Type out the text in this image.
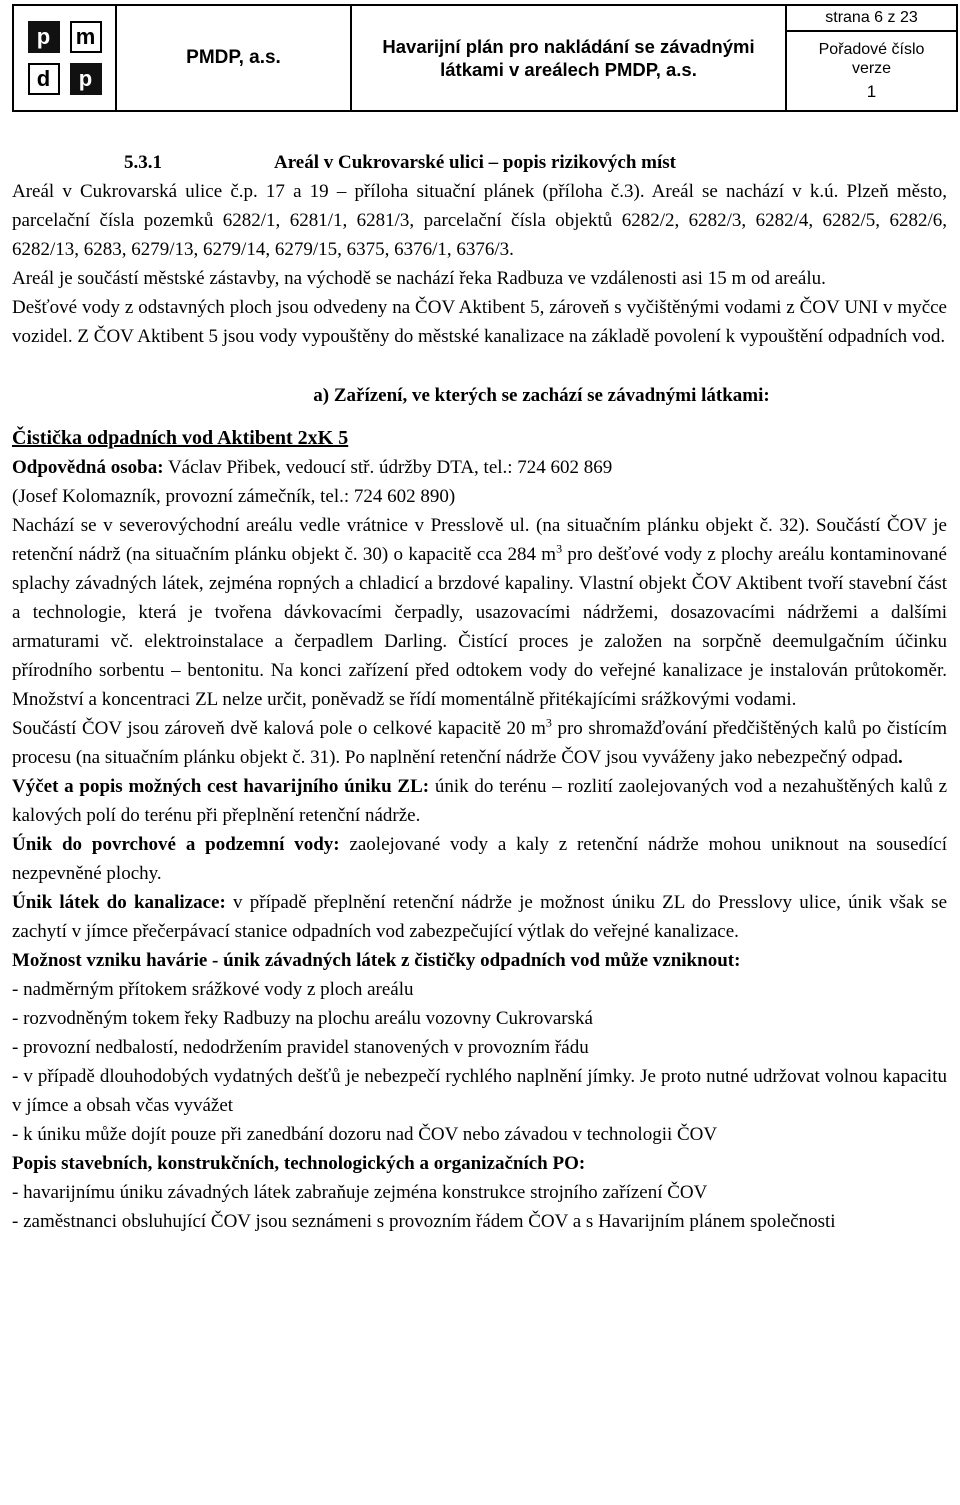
p	m
d	p
PMDP, a.s.
Havarijní plán pro nakládání se závadnými látkami v areálech PMDP, a.s.
strana 6 z 23
Pořadové číslo
verze
1

5.3.1	Areál v Cukrovarské ulici – popis rizikových míst

Areál v Cukrovarská ulice č.p. 17 a 19 – příloha situační plánek (příloha č.3). Areál se nachází v k.ú. Plzeň město, parcelační čísla pozemků 6282/1, 6281/1, 6281/3, parcelační čísla objektů 6282/2, 6282/3, 6282/4, 6282/5, 6282/6, 6282/13, 6283, 6279/13, 6279/14, 6279/15, 6375, 6376/1, 6376/3.

Areál je součástí městské zástavby, na východě se nachází řeka Radbuza ve vzdálenosti asi 15 m od areálu.

Dešťové vody z odstavných ploch jsou odvedeny na ČOV Aktibent 5, zároveň s vyčištěnými vodami z ČOV UNI v myčce vozidel. Z ČOV Aktibent 5 jsou vody vypouštěny do městské kanalizace na základě povolení k vypouštění odpadních vod.

a) Zařízení, ve kterých se zachází se závadnými látkami:

Čistička odpadních vod Aktibent 2xK 5

Odpovědná osoba: Václav Přibek, vedoucí stř. údržby DTA, tel.: 724 602 869

(Josef Kolomazník, provozní zámečník, tel.: 724 602 890)

Nachází se v severovýchodní areálu vedle vrátnice v Presslově ul. (na situačním plánku objekt č. 32). Součástí ČOV je retenční nádrž (na situačním plánku objekt č. 30) o kapacitě cca 284 $m^3$ pro dešťové vody z plochy areálu kontaminované splachy závadných látek, zejména ropných a chladicí a brzdové kapaliny. Vlastní objekt ČOV Aktibent tvoří stavební část a technologie, která je tvořena dávkovacími čerpadly, usazovacími nádržemi, dosazovacími nádržemi a dalšími armaturami vč. elektroinstalace a čerpadlem Darling. Čistící proces je založen na sorpčně deemulgačním účinku přírodního sorbentu – bentonitu. Na konci zařízení před odtokem vody do veřejné kanalizace je instalován průtokoměr. Množství a koncentraci ZL nelze určit, poněvadž se řídí momentálně přitékajícími srážkovými vodami.

Součástí ČOV jsou zároveň dvě kalová pole o celkové kapacitě 20 $m^3$ pro shromažďování předčištěných kalů po čistícím procesu (na situačním plánku objekt č. 31). Po naplnění retenční nádrže ČOV jsou vyváženy jako nebezpečný odpad.

Výčet a popis možných cest havarijního úniku ZL: únik do terénu – rozlití zaolejovaných vod a nezahuštěných kalů z kalových polí do terénu při přeplnění retenční nádrže.

Únik do povrchové a podzemní vody: zaolejované vody a kaly z retenční nádrže mohou uniknout na sousedící nezpevněné plochy.

Únik látek do kanalizace: v případě přeplnění retenční nádrže je možnost úniku ZL do Presslovy ulice, únik však se zachytí v jímce přečerpávací stanice odpadních vod zabezpečující výtlak do veřejné kanalizace.

Možnost vzniku havárie - únik závadných látek z čističky odpadních vod může vzniknout:

- nadměrným přítokem srážkové vody z ploch areálu

- rozvodněným tokem řeky Radbuzy na plochu areálu vozovny Cukrovarská

- provozní nedbalostí, nedodržením pravidel stanovených v provozním řádu

- v případě dlouhodobých vydatných dešťů je nebezpečí rychlého naplnění jímky. Je proto nutné udržovat volnou kapacitu v jímce a obsah včas vyvážet

- k úniku může dojít pouze při zanedbání dozoru nad ČOV nebo závadou v technologii ČOV

Popis stavebních, konstrukčních, technologických a organizačních PO:

- havarijnímu úniku závadných látek zabraňuje zejména konstrukce strojního zařízení ČOV

- zaměstnanci obsluhující ČOV jsou seznámeni s provozním řádem ČOV a s Havarijním plánem společnosti
